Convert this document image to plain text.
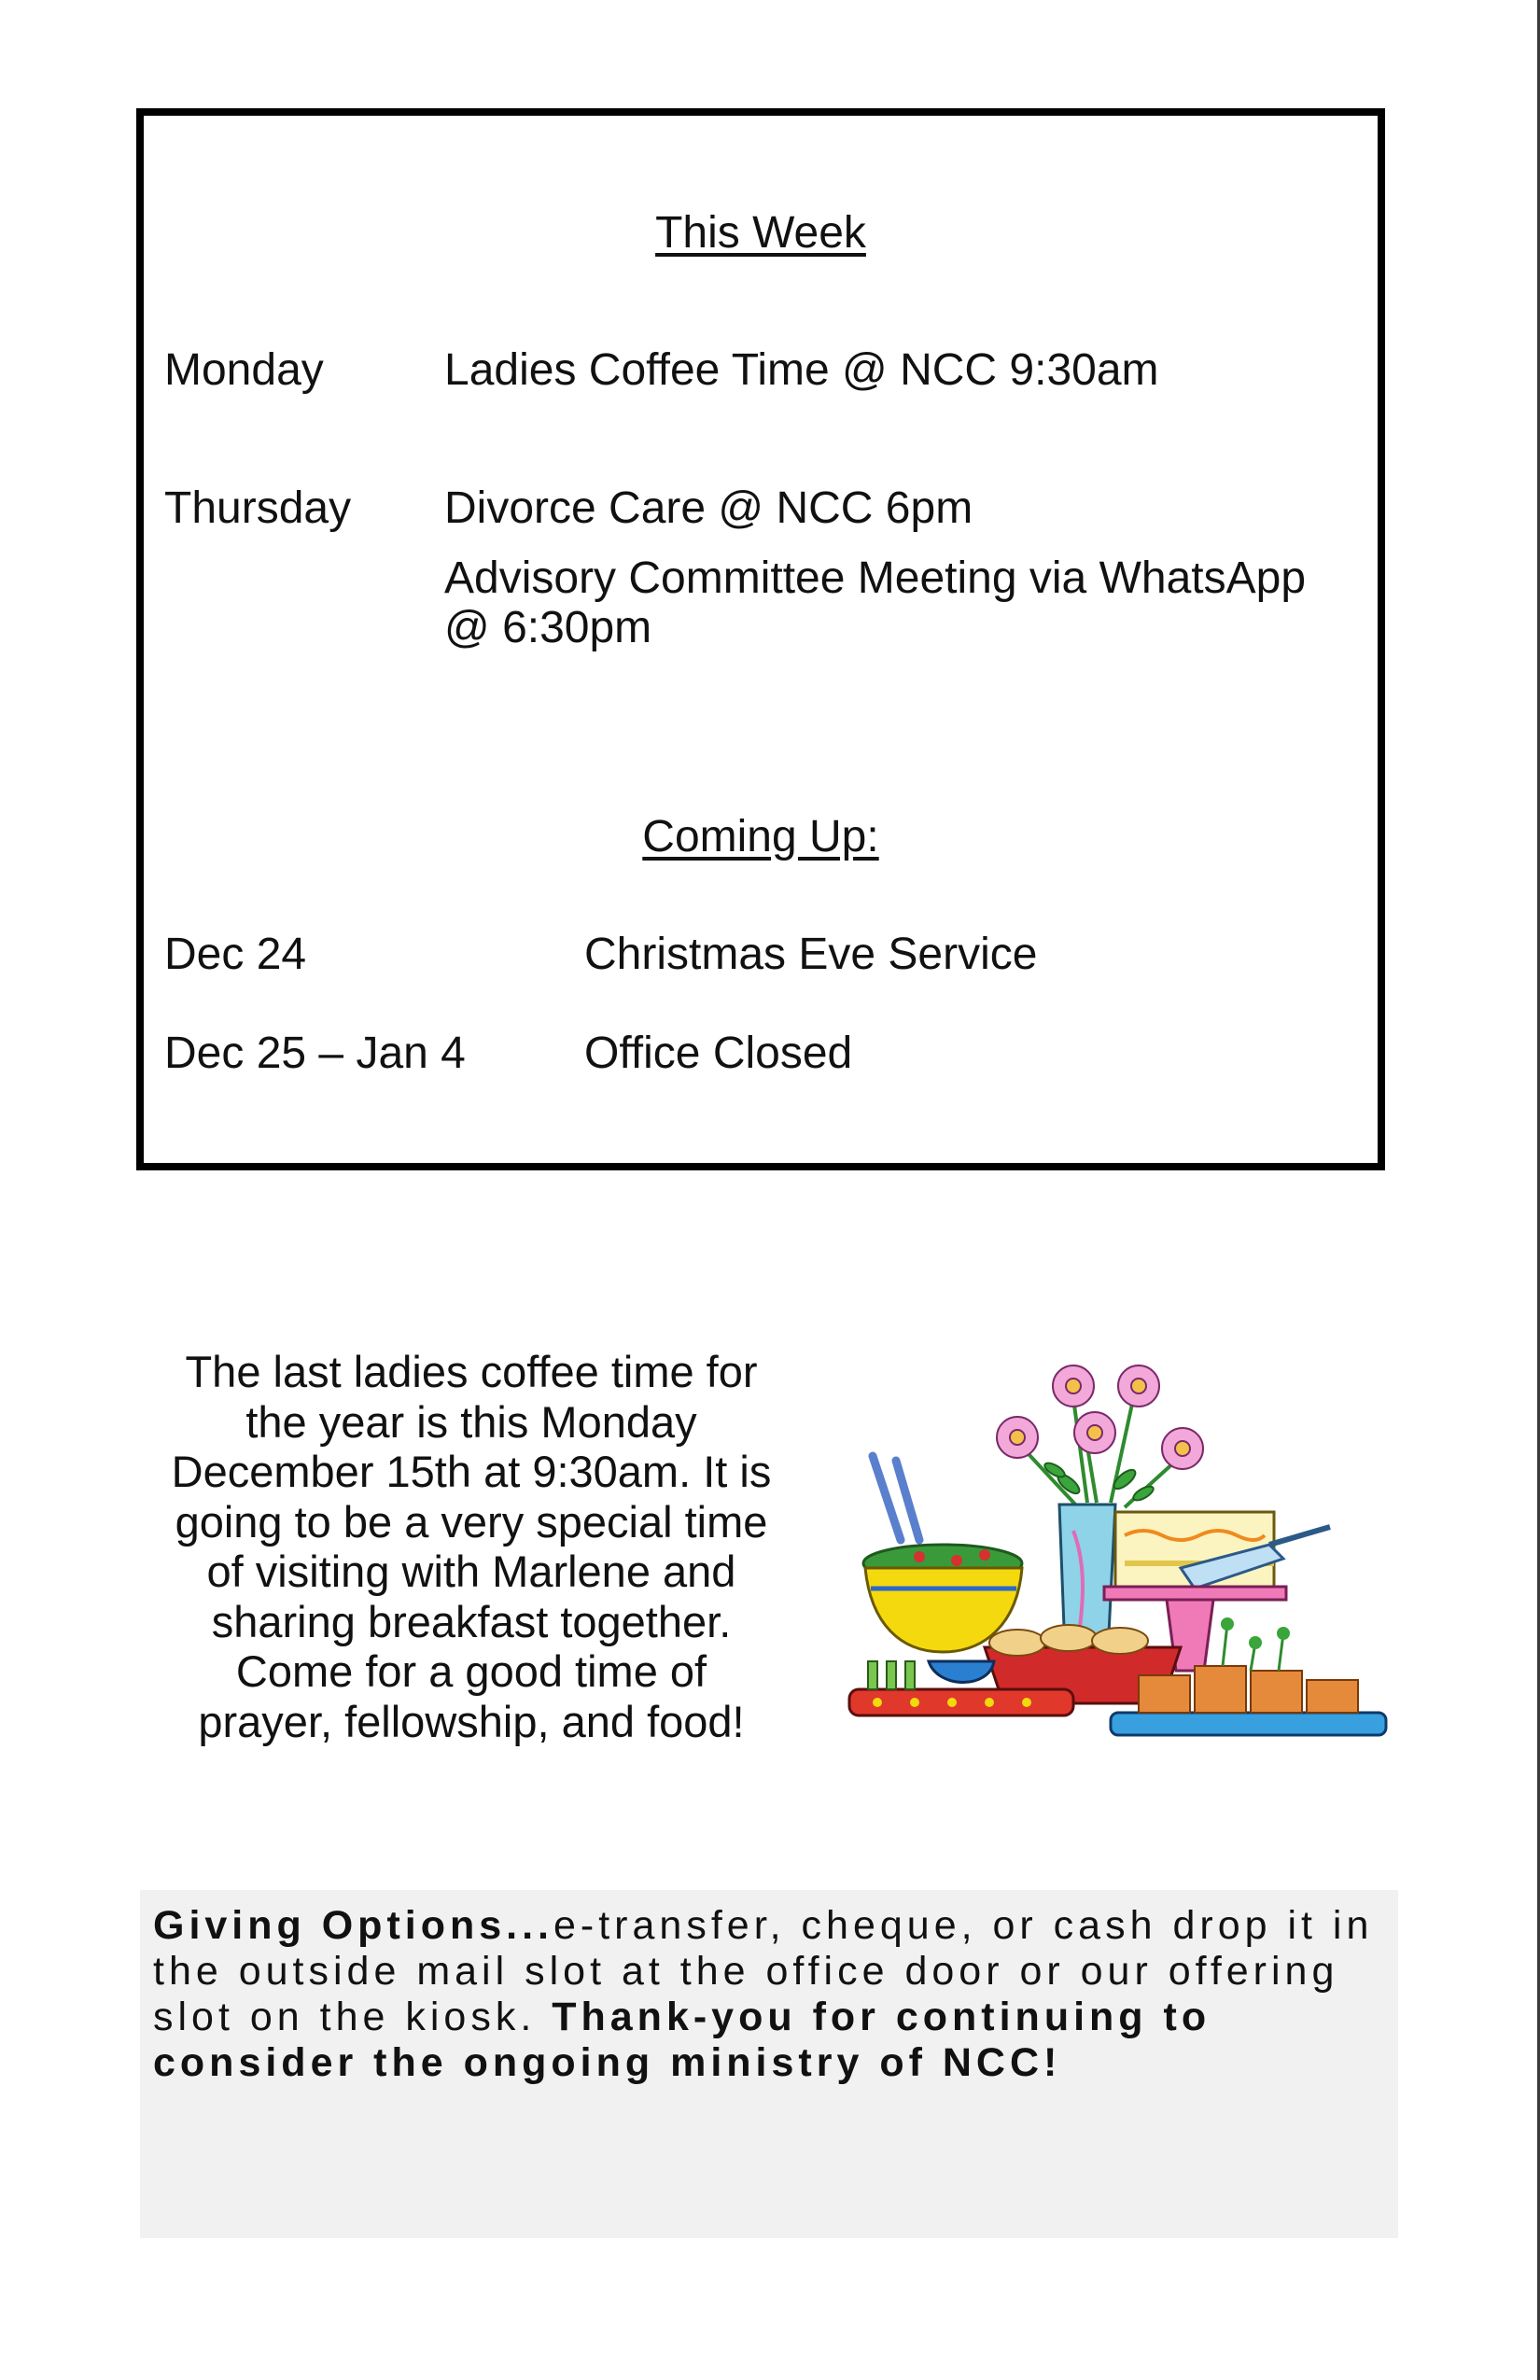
This Week
Monday	Ladies Coffee Time @ NCC 9:30am
Thursday Divorce Care @ NCC 6pm
Advisory Committee Meeting via WhatsApp
@ 6:30pm
Coming Up:
Dec 24	Christmas Eve Service
Dec 25 – Jan 4	Office Closed
The last ladies coffee time for
the year is this Monday
December 15th at 9:30am. It is
going to be a very special time
of visiting with Marlene and
sharing breakfast together.
Come for a good time of
prayer, fellowship, and food!

Giving Options...e-transfer, cheque, or cash drop it in the outside mail slot at the office door or our offering slot on the kiosk. Thank-you for continuing to consider the ongoing ministry of NCC!
